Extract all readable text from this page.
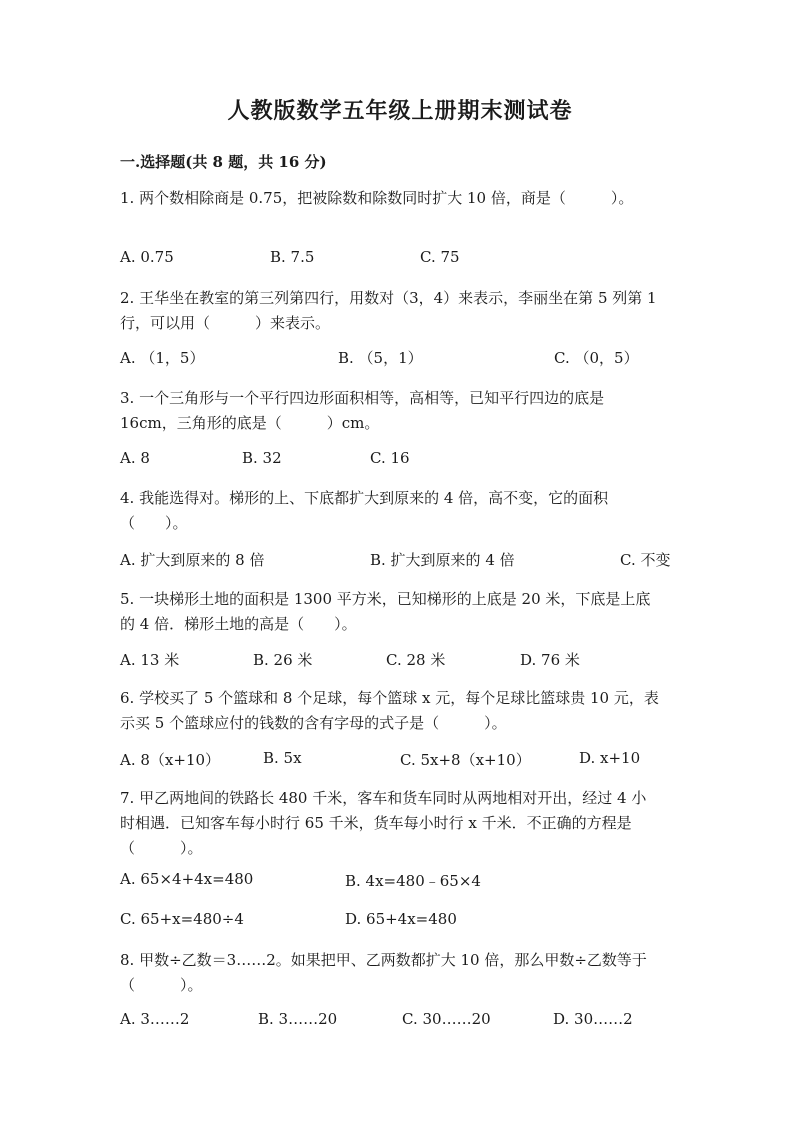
人教版数学五年级上册期末测试卷
一.选择题(共 8 题，共 16 分)
1. 两个数相除商是 0.75，把被除数和除数同时扩大 10 倍，商是（　　　）。
A. 0.75	B. 7.5	C. 75
2. 王华坐在教室的第三列第四行，用数对（3，4）来表示，李丽坐在第 5 列第 1
行，可以用（　　　）来表示。
A. （1，5）	B. （5，1）	C. （0，5）
3. 一个三角形与一个平行四边形面积相等，高相等，已知平行四边的底是
16cm，三角形的底是（　　　）cm。
A. 8	B. 32	C. 16
4. 我能选得对。梯形的上、下底都扩大到原来的 4 倍，高不变，它的面积
（　　）。
A. 扩大到原来的 8 倍	B. 扩大到原来的 4 倍	C. 不变
5. 一块梯形土地的面积是 1300 平方米，已知梯形的上底是 20 米，下底是上底
的 4 倍．梯形土地的高是（　　）。
A. 13 米	B. 26 米	C. 28 米	D. 76 米
6. 学校买了 5 个篮球和 8 个足球，每个篮球 x 元，每个足球比篮球贵 10 元，表
示买 5 个篮球应付的钱数的含有字母的式子是（　　　）。
A. 8（x+10）	B. 5x	C. 5x+8（x+10）	D. x+10
7. 甲乙两地间的铁路长 480 千米，客车和货车同时从两地相对开出，经过 4 小
时相遇．已知客车每小时行 65 千米，货车每小时行 x 千米．不正确的方程是
（　　　）。
A. 65×4+4x=480	B. 4x=480﹣65×4
C. 65+x=480÷4	D. 65+4x=480
8. 甲数÷乙数＝3……2。如果把甲、乙两数都扩大 10 倍，那么甲数÷乙数等于
（　　　）。
A. 3……2	B. 3……20	C. 30……20	D. 30……2
